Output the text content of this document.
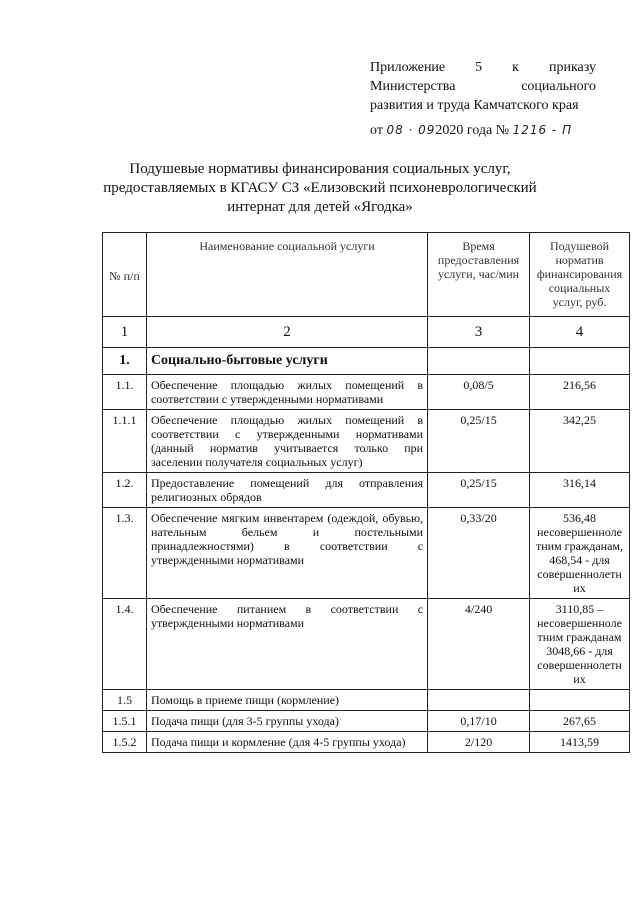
Приложение 5 к приказу
Министерства социального
развития и труда Камчатского края
от 08 · 092020 года № 1216 - П
Подушевые нормативы финансирования социальных услуг, предоставляемых в КГАСУ СЗ «Елизовский психоневрологический интернат для детей «Ягодка»
№ п/п	Наименование социальной услуги	Время предоставления услуги, час/мин	Подушевой норматив финансирования социальных услуг, руб.
1	2	3	4
1.	Социально-бытовые услуги		
1.1.	Обеспечение площадью жилых помещений в соответствии с утвержденными нормативами	0,08/5	216,56
1.1.1	Обеспечение площадью жилых помещений в соответствии с утвержденными нормативами (данный норматив учитывается только при заселении получателя социальных услуг)	0,25/15	342,25
1.2.	Предоставление помещений для отправления религиозных обрядов	0,25/15	316,14
1.3.	Обеспечение мягким инвентарем (одеждой, обувью, нательным бельем и постельными принадлежностями) в соответствии с утвержденными нормативами	0,33/20	536,48 несовершенноле тним гражданам, 468,54 - для совершеннолетн их
1.4.	Обеспечение питанием в соответствии с утвержденными нормативами	4/240	3110,85 – несовершенноле тним гражданам 3048,66 - для совершеннолетн их
1.5	Помощь в приеме пищи (кормление)		
1.5.1	Подача пищи (для 3-5 группы ухода)	0,17/10	267,65
1.5.2	Подача пищи и кормление (для 4-5 группы ухода)	2/120	1413,59
